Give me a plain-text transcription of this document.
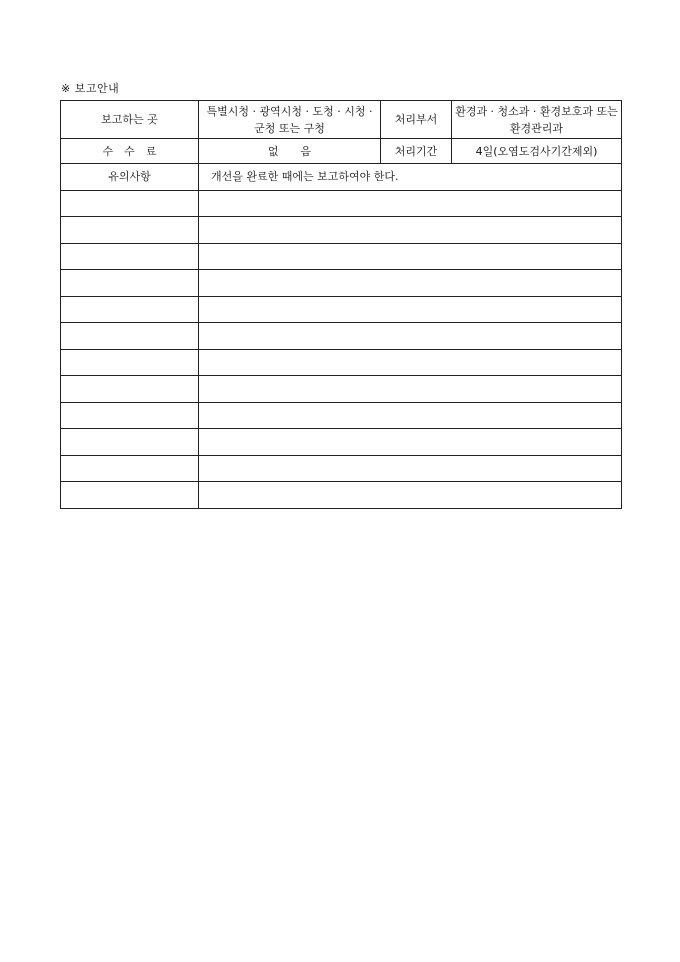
※ 보고안내
보고하는 곳	특별시청 · 광역시청 · 도청 · 시청 · 군청 또는 구청	처리부서	환경과 · 청소과 · 환경보호과 또는 환경관리과
수　수　료	없　　음	처리기간	4일(오염도검사기간제외)
유의사항	개선을 완료한 때에는 보고하여야 한다.		
